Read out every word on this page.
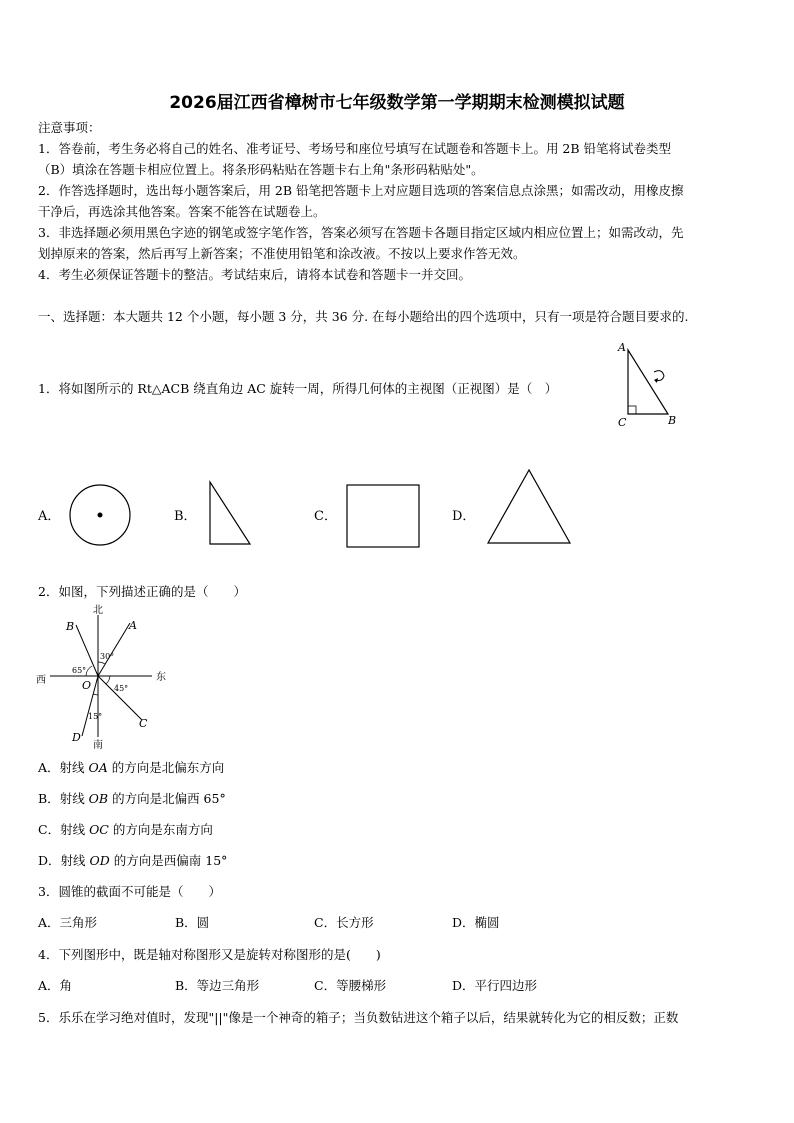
2026届江西省樟树市七年级数学第一学期期末检测模拟试题
注意事项：
1．答卷前，考生务必将自己的姓名、准考证号、考场号和座位号填写在试题卷和答题卡上。用 2B 铅笔将试卷类型
（B）填涂在答题卡相应位置上。将条形码粘贴在答题卡右上角"条形码粘贴处"。
2．作答选择题时，选出每小题答案后，用 2B 铅笔把答题卡上对应题目选项的答案信息点涂黑；如需改动，用橡皮擦
干净后，再选涂其他答案。答案不能答在试题卷上。
3．非选择题必须用黑色字迹的钢笔或签字笔作答，答案必须写在答题卡各题目指定区域内相应位置上；如需改动，先
划掉原来的答案，然后再写上新答案；不准使用铅笔和涂改液。不按以上要求作答无效。
4．考生必须保证答题卡的整洁。考试结束后，请将本试卷和答题卡一并交回。
一、选择题：本大题共 12 个小题，每小题 3 分，共 36 分. 在每小题给出的四个选项中，只有一项是符合题目要求的.
1．将如图所示的 Rt△ACB 绕直角边 AC 旋转一周，所得几何体的主视图（正视图）是（　）
A
C	B
A．	B．	C．	D．
2．如图，下列描述正确的是（　　）
北
南
东
西
A
B
C
D
O
30°
65°
45°
15°
A．射线 OA 的方向是北偏东方向
B．射线 OB 的方向是北偏西 65°
C．射线 OC 的方向是东南方向
D．射线 OD 的方向是西偏南 15°
3．圆锥的截面不可能是（　　）
A．三角形	B．圆	C．长方形	D．椭圆
4．下列图形中，既是轴对称图形又是旋转对称图形的是(　　)
A．角	B．等边三角形	C．等腰梯形	D．平行四边形
5．乐乐在学习绝对值时，发现"||"像是一个神奇的箱子；当负数钻进这个箱子以后，结果就转化为它的相反数；正数
